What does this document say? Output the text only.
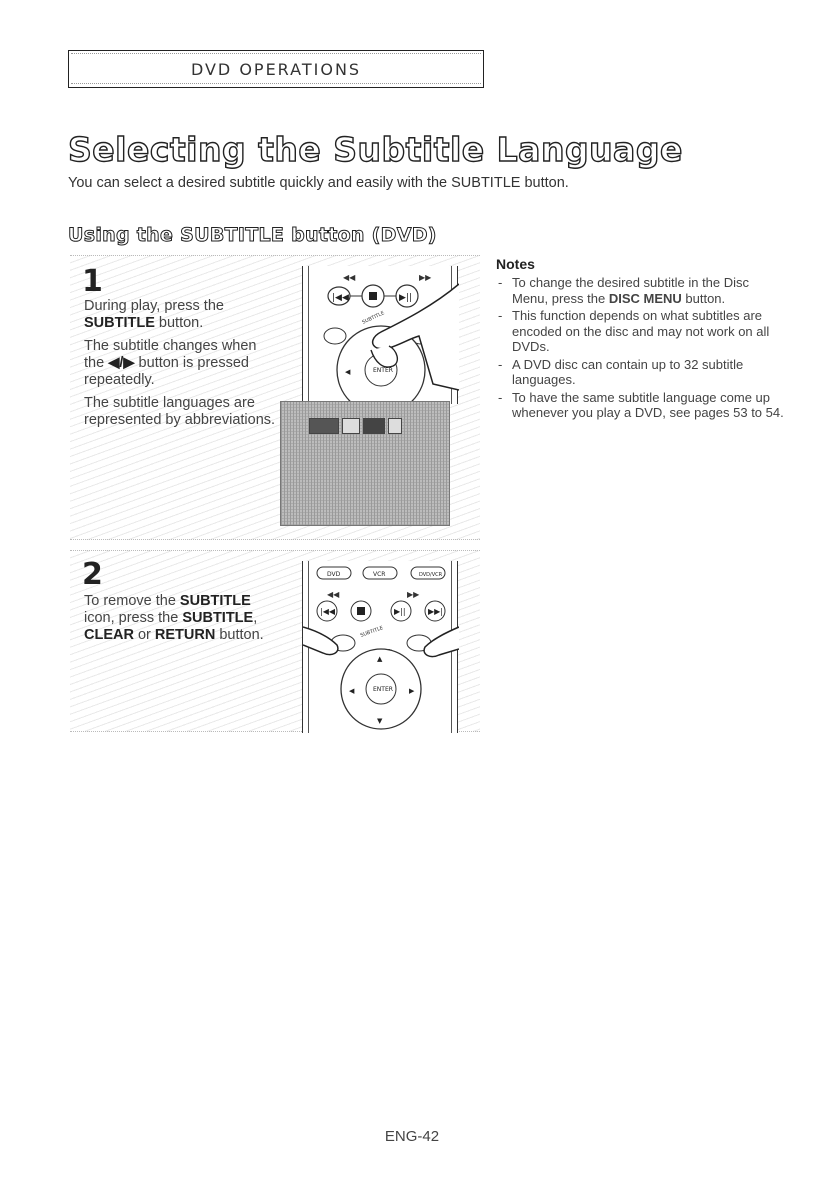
DVD OPERATIONS
Selecting the Subtitle Language

You can select a desired subtitle quickly and easily with the SUBTITLE button.

Using the SUBTITLE button (DVD)
1
During play, press the
SUBTITLE button.
The subtitle changes when
the ◀/▶ button is pressed
repeatedly.
The subtitle languages are
represented by abbreviations.
◀◀	▶▶
|◀◀	▶||
SUBTITLE
ENTER
◀
2
To remove the SUBTITLE
icon, press the SUBTITLE,
CLEAR or RETURN button.
DVD	VCR	DVD/VCR
◀◀	▶▶
|◀◀	▶||	▶▶|
SUBTITLE
ENTER
▲
◀	▶
▼
Notes
- To change the desired subtitle in the Disc Menu, press the DISC MENU button.
- This function depends on what subtitles are encoded on the disc and may not work on all DVDs.
- A DVD disc can contain up to 32 subtitle languages.
- To have the same subtitle language come up whenever you play a DVD, see pages 53 to 54.
ENG-42
